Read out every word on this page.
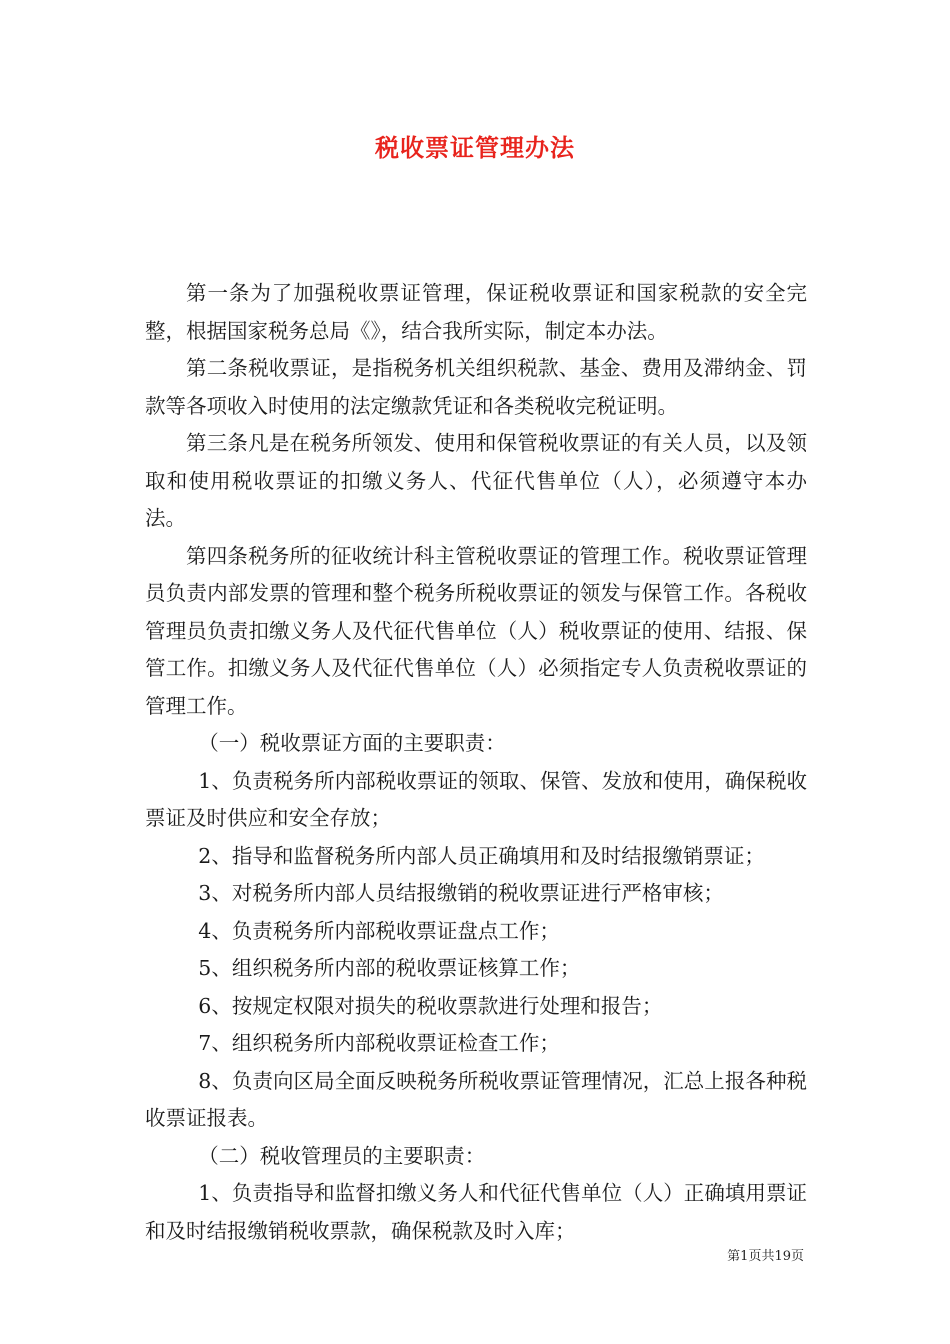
税收票证管理办法

第一条为了加强税收票证管理，保证税收票证和国家税款的安全完整，根据国家税务总局《》，结合我所实际，制定本办法。

第二条税收票证，是指税务机关组织税款、基金、费用及滞纳金、罚款等各项收入时使用的法定缴款凭证和各类税收完税证明。

第三条凡是在税务所领发、使用和保管税收票证的有关人员，以及领取和使用税收票证的扣缴义务人、代征代售单位（人），必须遵守本办法。

第四条税务所的征收统计科主管税收票证的管理工作。税收票证管理员负责内部发票的管理和整个税务所税收票证的领发与保管工作。各税收管理员负责扣缴义务人及代征代售单位（人）税收票证的使用、结报、保管工作。扣缴义务人及代征代售单位（人）必须指定专人负责税收票证的管理工作。

（一）税收票证方面的主要职责：

1、负责税务所内部税收票证的领取、保管、发放和使用，确保税收票证及时供应和安全存放；

2、指导和监督税务所内部人员正确填用和及时结报缴销票证；

3、对税务所内部人员结报缴销的税收票证进行严格审核；

4、负责税务所内部税收票证盘点工作；

5、组织税务所内部的税收票证核算工作；

6、按规定权限对损失的税收票款进行处理和报告；

7、组织税务所内部税收票证检查工作；

8、负责向区局全面反映税务所税收票证管理情况，汇总上报各种税收票证报表。

（二）税收管理员的主要职责：

1、负责指导和监督扣缴义务人和代征代售单位（人）正确填用票证和及时结报缴销税收票款，确保税款及时入库；

第1页共19页
